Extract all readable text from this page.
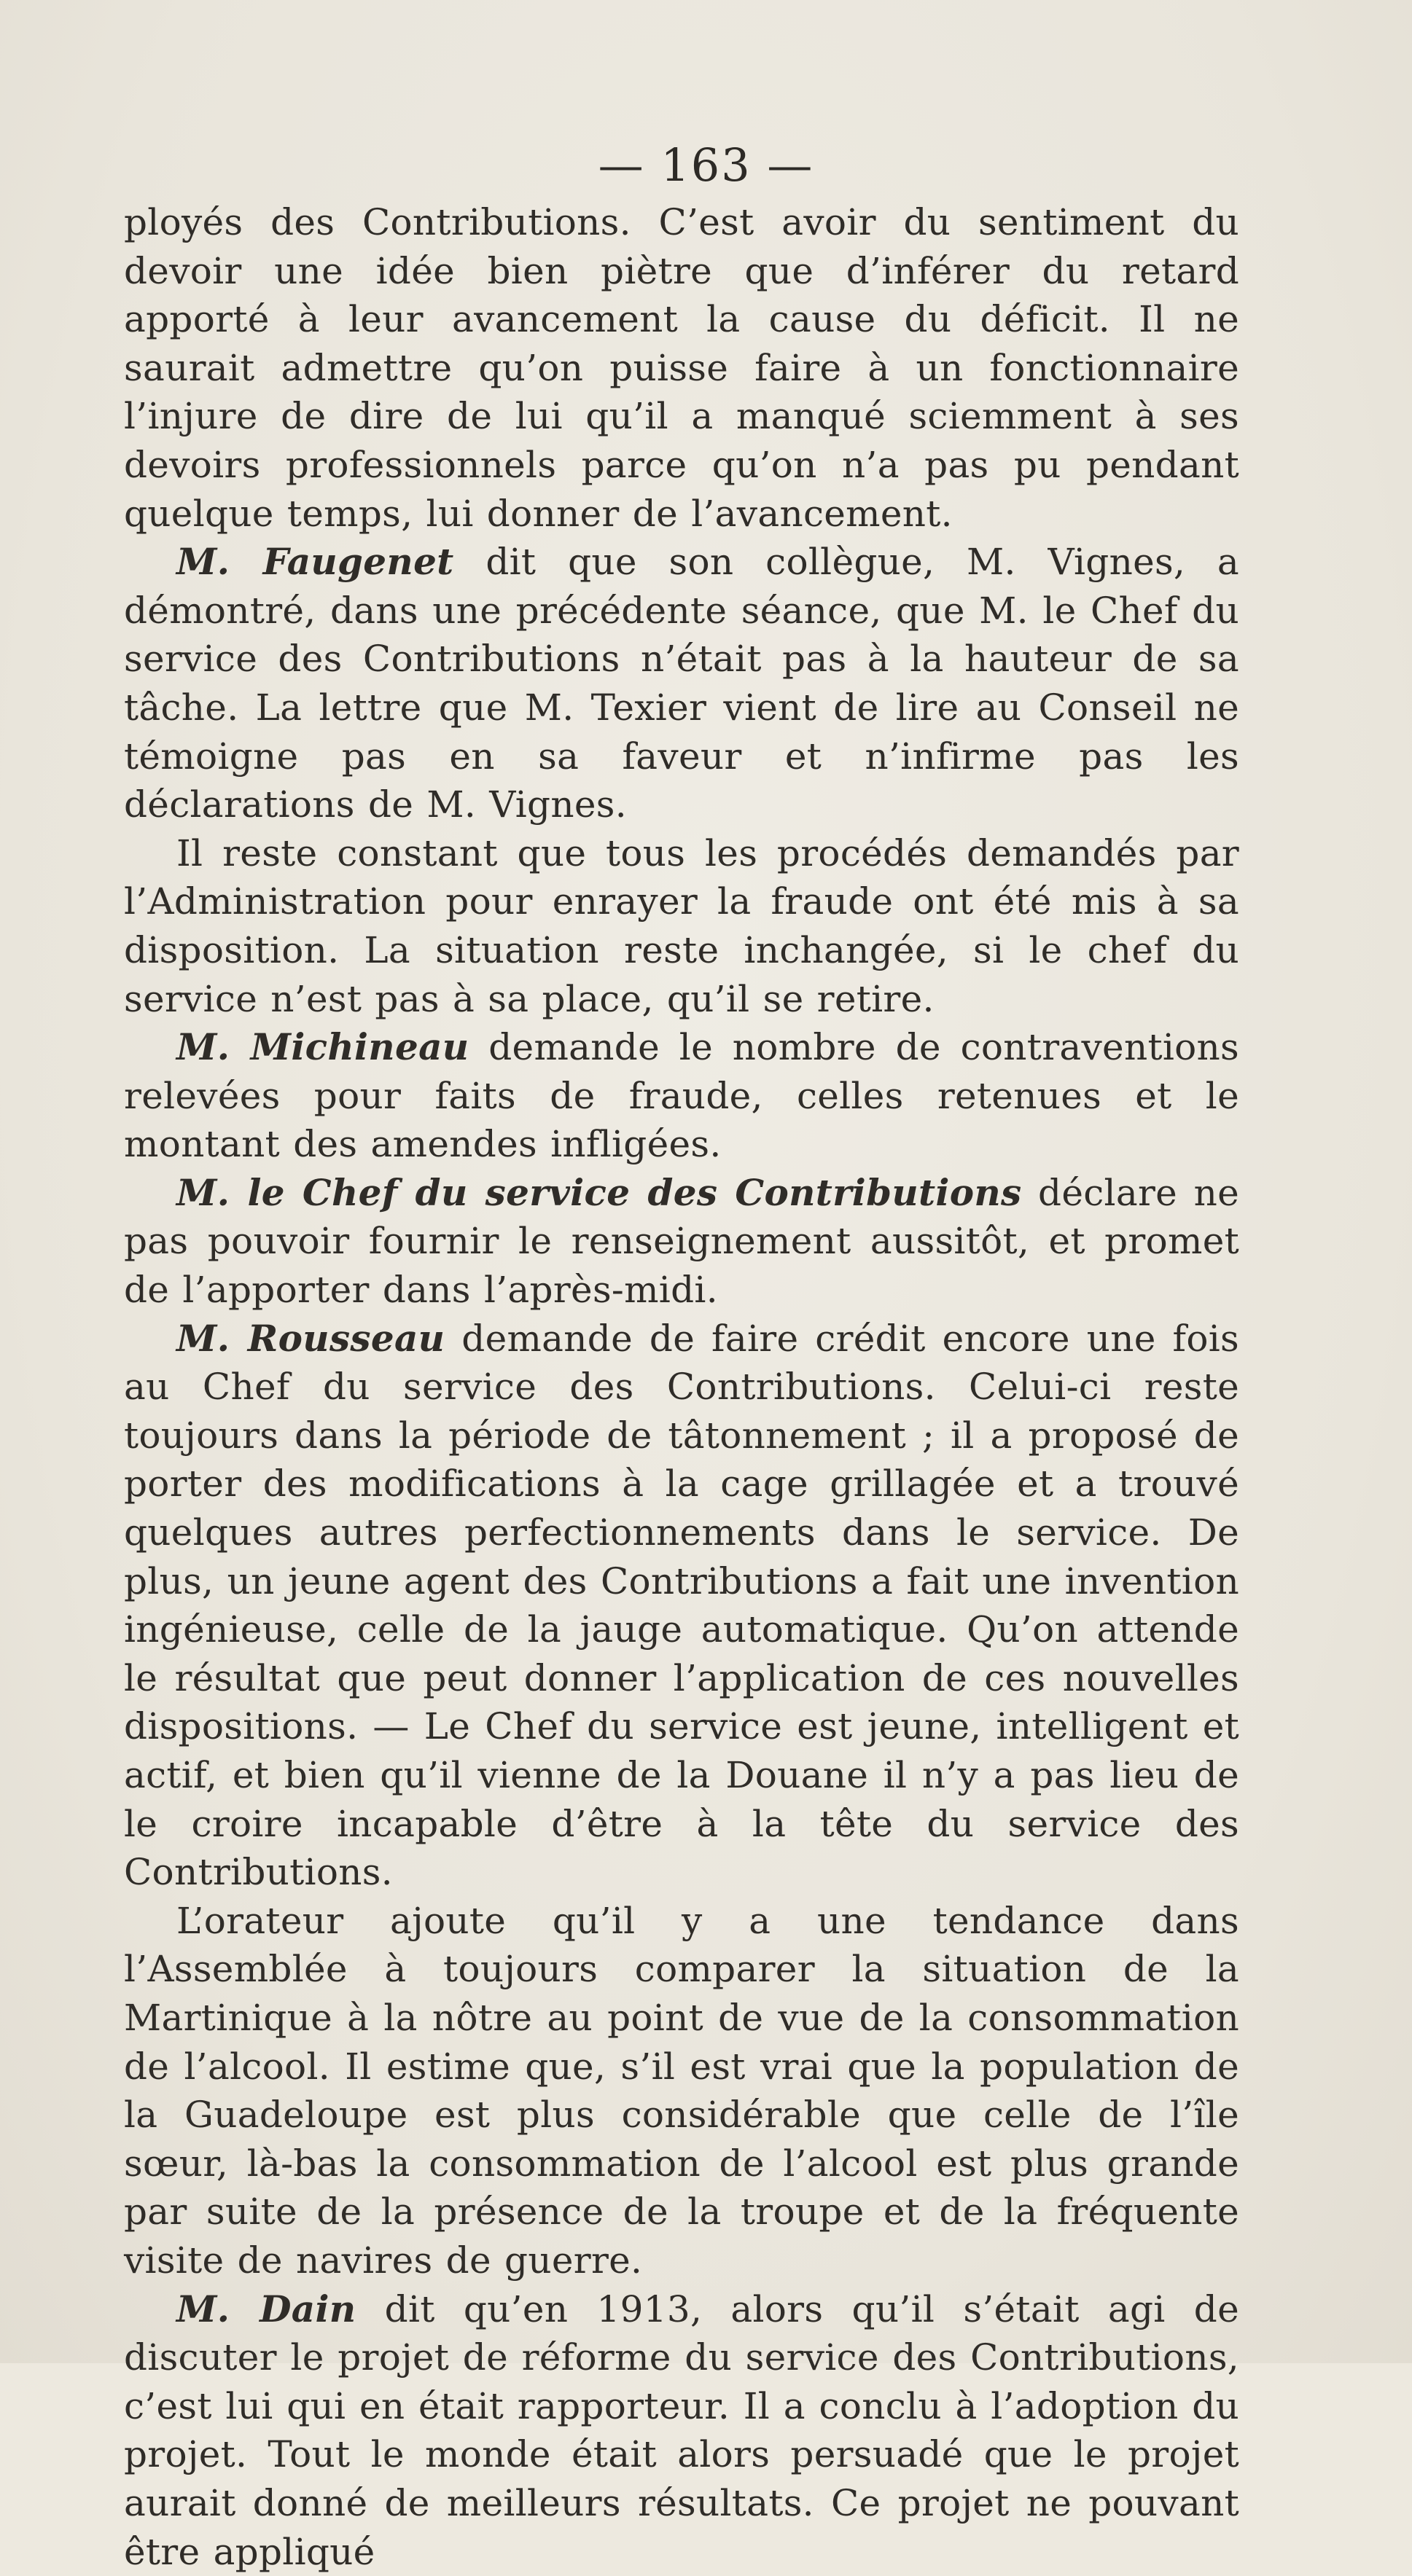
— 163 —

ployés des Contributions. C’est avoir du sentiment du devoir une idée bien piètre que d’inférer du retard apporté à leur avancement la cause du déficit. Il ne saurait admettre qu’on puisse faire à un fonctionnaire l’injure de dire de lui qu’il a manqué sciemment à ses devoirs professionnels parce qu’on n’a pas pu pendant quelque temps, lui donner de l’avancement.

M. Faugenet dit que son collègue, M. Vignes, a démontré, dans une précédente séance, que M. le Chef du service des Contributions n’était pas à la hauteur de sa tâche. La lettre que M. Texier vient de lire au Conseil ne témoigne pas en sa faveur et n’infirme pas les déclarations de M. Vignes.

Il reste constant que tous les procédés demandés par l’Administration pour enrayer la fraude ont été mis à sa disposition. La situation reste inchangée, si le chef du service n’est pas à sa place, qu’il se retire.

M. Michineau demande le nombre de contraventions relevées pour faits de fraude, celles retenues et le montant des amendes infligées.

M. le Chef du service des Contributions déclare ne pas pouvoir fournir le renseignement aussitôt, et promet de l’apporter dans l’après-midi.

M. Rousseau demande de faire crédit encore une fois au Chef du service des Contributions. Celui-ci reste toujours dans la période de tâtonnement ; il a proposé de porter des modifications à la cage grillagée et a trouvé quelques autres perfectionnements dans le service. De plus, un jeune agent des Contributions a fait une invention ingénieuse, celle de la jauge automatique. Qu’on attende le résultat que peut donner l’application de ces nouvelles dispositions. — Le Chef du service est jeune, intelligent et actif, et bien qu’il vienne de la Douane il n’y a pas lieu de le croire incapable d’être à la tête du service des Contributions.

L’orateur ajoute qu’il y a une tendance dans l’Assemblée à toujours comparer la situation de la Martinique à la nôtre au point de vue de la consommation de l’alcool. Il estime que, s’il est vrai que la population de la Guadeloupe est plus considérable que celle de l’île sœur, là-bas la consommation de l’alcool est plus grande par suite de la présence de la troupe et de la fréquente visite de navires de guerre.

M. Dain dit qu’en 1913, alors qu’il s’était agi de discuter le projet de réforme du service des Contributions, c’est lui qui en était rapporteur. Il a conclu à l’adoption du projet. Tout le monde était alors persuadé que le projet aurait donné de meilleurs résultats. Ce projet ne pouvant être appliqué
